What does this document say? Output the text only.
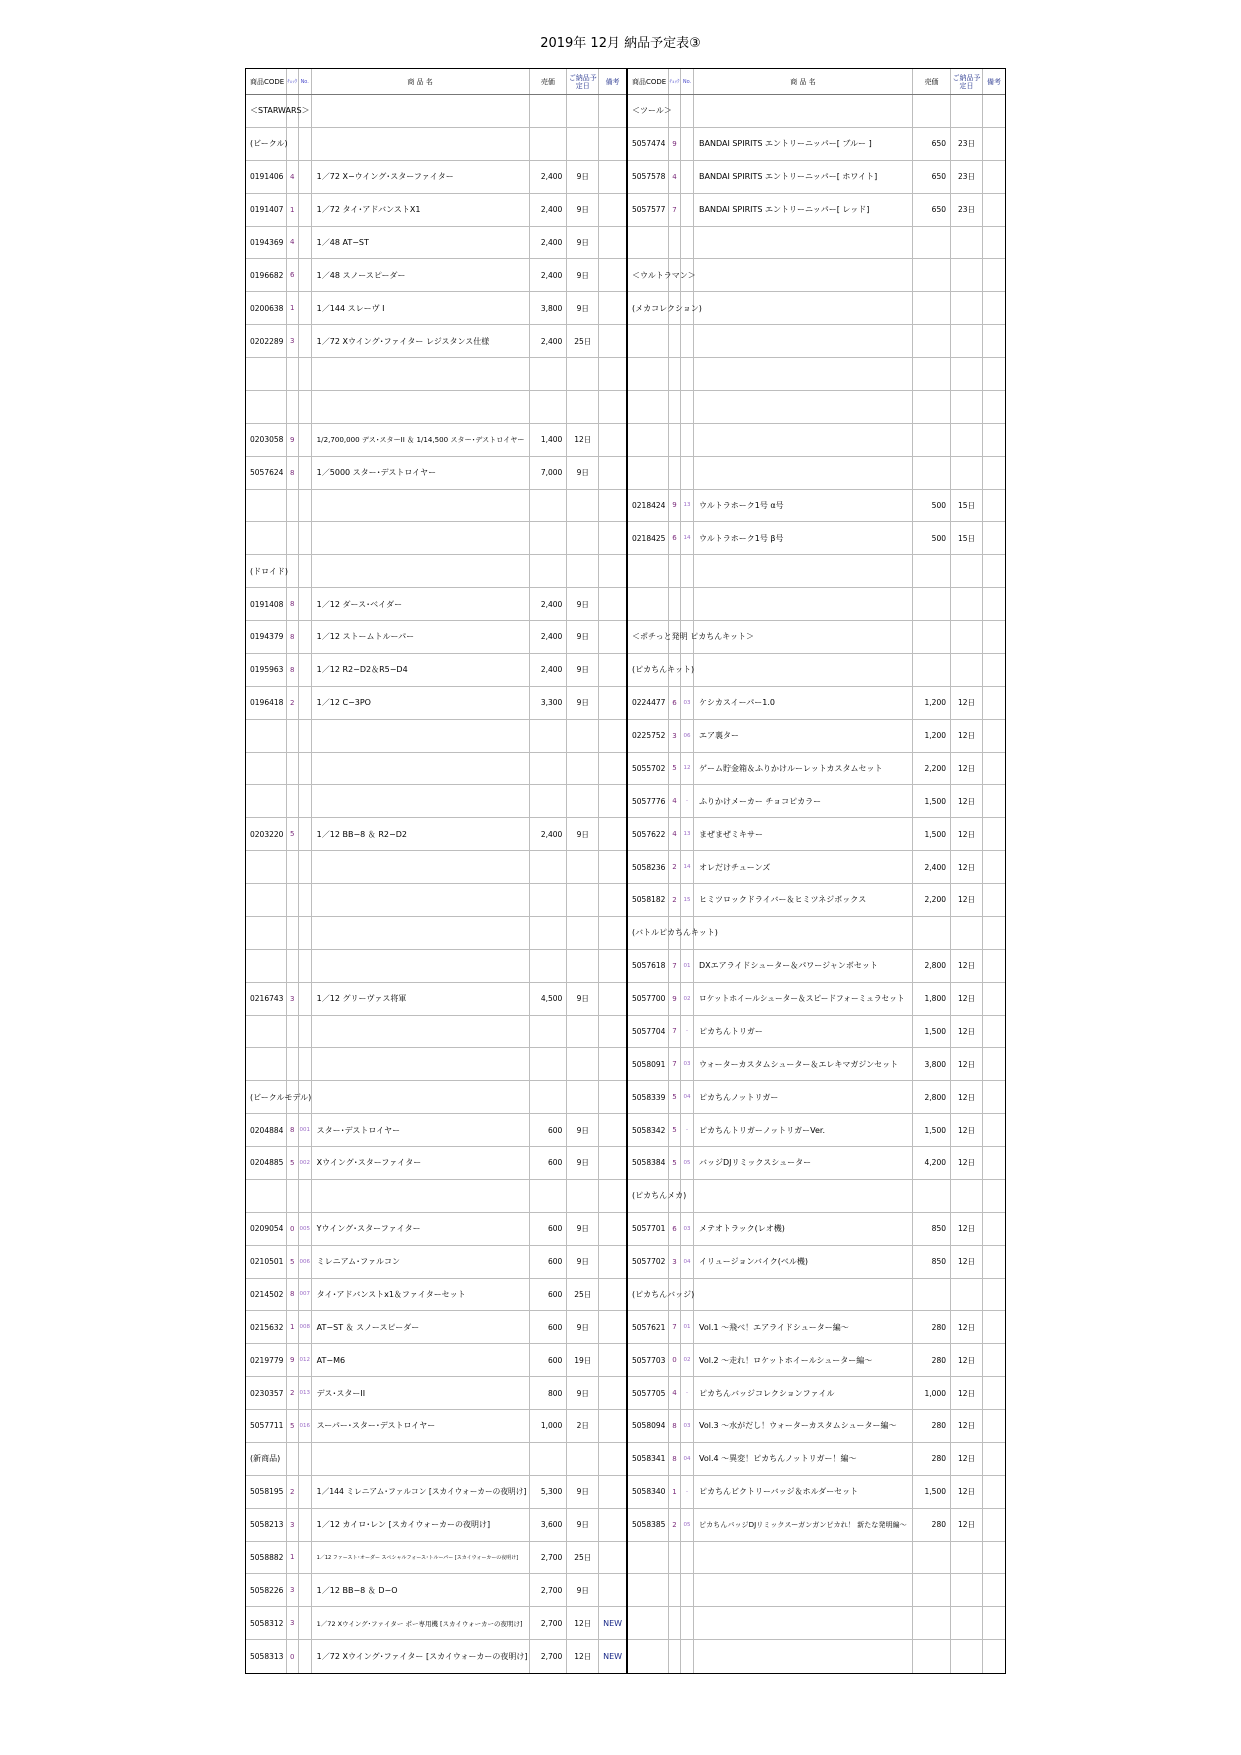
2019年 12月 納品予定表③
商品CODE ﾁｪｯｸ No.	商 品 名	売価	ご納品予定日	備考
＜STARWARS＞
(ビークル)
0191406 4	1／72 X−ウイング･スターファイター	2,400	9日
0191407 1	1／72 タイ･アドバンストX1	2,400	9日
0194369 4	1／48 AT−ST	2,400	9日
0196682 6	1／48 スノースピーダー	2,400	9日
0200638 1	1／144 スレーヴ I	3,800	9日
0202289 3	1／72 Xウイング･ファイター レジスタンス仕様	2,400	25日
0203058 9	1/2,700,000 デス･スターII ＆ 1/14,500 スター･デストロイヤー	1,400	12日
5057624 8	1／5000 スター･デストロイヤー	7,000	9日
(ドロイド)
0191408 8	1／12 ダース･ベイダー	2,400	9日
0194379 8	1／12 ストームトルーパー	2,400	9日
0195963 8	1／12 R2−D2＆R5−D4	2,400	9日
0196418 2	1／12 C−3PO	3,300	9日
0203220 5	1／12 BB−8 ＆ R2−D2	2,400	9日
0216743 3	1／12 グリーヴァス将軍	4,500	9日
(ビークルモデル)
0204884 8 001 スター･デストロイヤー	600	9日
0204885 5 002 Xウイング･スターファイター	600	9日
0209054 0 005 Yウイング･スターファイター	600	9日
0210501 5 006 ミレニアム･ファルコン	600	9日
0214502 8 007 タイ･アドバンストx1＆ファイターセット	600	25日
0215632 1 008 AT−ST ＆ スノースピーダー	600	9日
0219779 9 012 AT−M6	600	19日
0230357 2 013 デス･スターII	800	9日
5057711 5 016 スーパー･スター･デストロイヤー	1,000	2日
(新商品)
5058195 2	1／144 ミレニアム･ファルコン [スカイウォーカーの夜明け]	5,300	9日
5058213 3	1／12 カイロ･レン [スカイウォーカーの夜明け]	3,600	9日
5058882 1	1／12 ファースト･オーダー スペシャルフォース･トルーパー [スカイウォーカーの夜明け]	2,700	25日
5058226 3	1／12 BB−8 ＆ D−O	2,700	9日
5058312 3	1／72 Xウイング･ファイター ポー専用機 [スカイウォーカーの夜明け]	2,700	12日	NEW
5058313 0	1／72 Xウイング･ファイター [スカイウォーカーの夜明け]	2,700	12日	NEW
商品CODE ﾁｪｯｸ No.	商 品 名	売価	ご納品予定日	備考
＜ツール＞
5057474 9	BANDAI SPIRITS エントリーニッパー[ ブルー ]	650	23日
5057578 4	BANDAI SPIRITS エントリーニッパー[ ホワイト]	650	23日
5057577 7	BANDAI SPIRITS エントリーニッパー[ レッド]	650	23日
＜ウルトラマン＞
(メカコレクション)
0218424 9	13	ウルトラホーク1号 α号	500	15日
0218425 6	14	ウルトラホーク1号 β号	500	15日
＜ポチっと発明 ピカちんキット＞
(ピカちんキット)
0224477 6	03	ケシカスイーパー1.0	1,200	12日
0225752 3	06	エア裏ター	1,200	12日
5055702 5	12	ゲーム貯金箱＆ふりかけルーレットカスタムセット	2,200	12日
5057776 4	-	ふりかけメーカー チョコピカラー	1,500	12日
5057622 4	13	まぜまぜミキサー	1,500	12日
5058236 2	14	オレだけチューンズ	2,400	12日
5058182 2	15	ヒミツロックドライバー＆ヒミツネジボックス	2,200	12日
(バトルピカちんキット)
5057618 7	01	DXエアライドシューター＆パワージャンボセット	2,800	12日
5057700 9	02	ロケットホイールシューター＆スピードフォーミュラセット	1,800	12日
5057704 7	-	ピカちんトリガー	1,500	12日
5058091 7	03	ウォーターカスタムシューター＆エレキマガジンセット	3,800	12日
5058339 5	04	ピカちんノットリガー	2,800	12日
5058342 5	-	ピカちんトリガーノットリガーVer.	1,500	12日
5058384 5	05	バッジDJリミックスシューター	4,200	12日
(ピカちんメカ)
5057701 6	03	メテオトラック(レオ機)	850	12日
5057702 3	04	イリュージョンバイク(ベル機)	850	12日
(ピカちんバッジ)
5057621 7	01	Vol.1 ～飛べ！エアライドシューター編～	280	12日
5057703 0	02	Vol.2 ～走れ！ロケットホイールシューター編～	280	12日
5057705 4	-	ピカちんバッジコレクションファイル	1,000	12日
5058094 8	03	Vol.3 ～水がだし！ウォーターカスタムシューター編～	280	12日
5058341 8	04	Vol.4 ～異変！ピカちんノットリガー！編～	280	12日
5058340 1	-	ピカちんビクトリーバッジ＆ホルダーセット	1,500	12日
5058385 2	05	ピカちんバッジDJリミックスーガンガンピカれ！ 新たな発明編～	280	12日
